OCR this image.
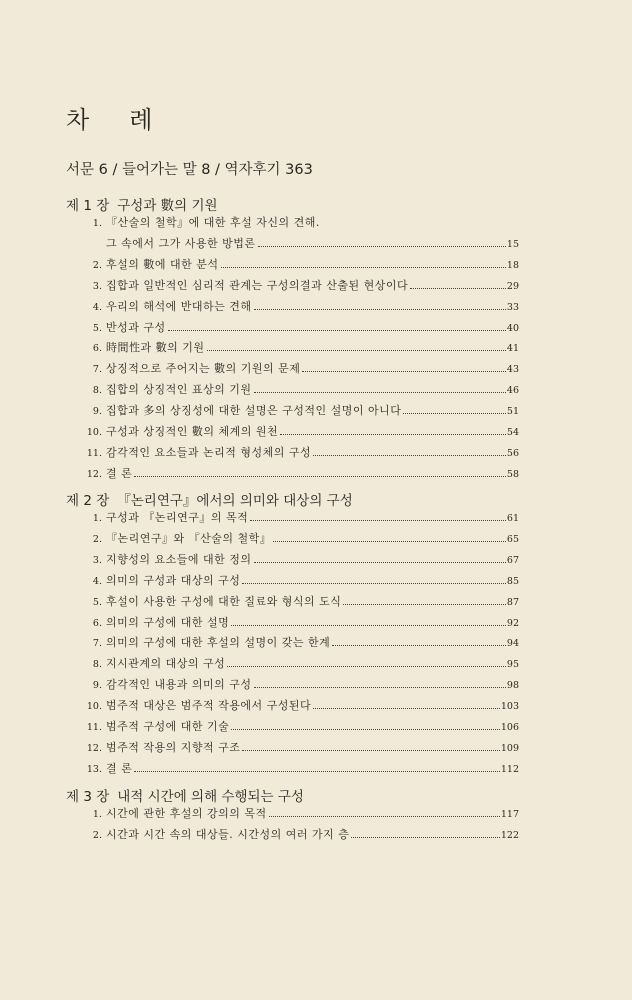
차 례
서문 6 / 들어가는 말 8 / 역자후기 363
제 1 장 구성과 數의 기원
1. 『산술의 철학』에 대한 후설 자신의 견해.
그 속에서 그가 사용한 방법론	15
2. 후설의 數에 대한 분석	18
3. 집합과 일반적인 심리적 관계는 구성의결과 산출된 현상이다	29
4. 우리의 해석에 반대하는 견해	33
5. 반성과 구성	40
6. 時間性과 數의 기원	41
7. 상징적으로 주어지는 數의 기원의 문제	43
8. 집합의 상징적인 표상의 기원	46
9. 집합과 多의 상징성에 대한 설명은 구성적인 설명이 아니다	51
10. 구성과 상징적인 數의 체계의 원천	54
11. 감각적인 요소들과 논리적 형성체의 구성	56
12. 결 론	58
제 2 장 『논리연구』에서의 의미와 대상의 구성
1. 구성과 『논리연구』의 목적	61
2. 『논리연구』와 『산술의 철학』	65
3. 지향성의 요소들에 대한 정의	67
4. 의미의 구성과 대상의 구성	85
5. 후설이 사용한 구성에 대한 질료와 형식의 도식	87
6. 의미의 구성에 대한 설명	92
7. 의미의 구성에 대한 후설의 설명이 갖는 한계	94
8. 지시관계의 대상의 구성	95
9. 감각적인 내용과 의미의 구성	98
10. 범주적 대상은 범주적 작용에서 구성된다	103
11. 범주적 구성에 대한 기술	106
12. 범주적 작용의 지향적 구조	109
13. 결 론	112
제 3 장 내적 시간에 의해 수행되는 구성
1. 시간에 관한 후설의 강의의 목적	117
2. 시간과 시간 속의 대상들. 시간성의 여러 가지 층	122
